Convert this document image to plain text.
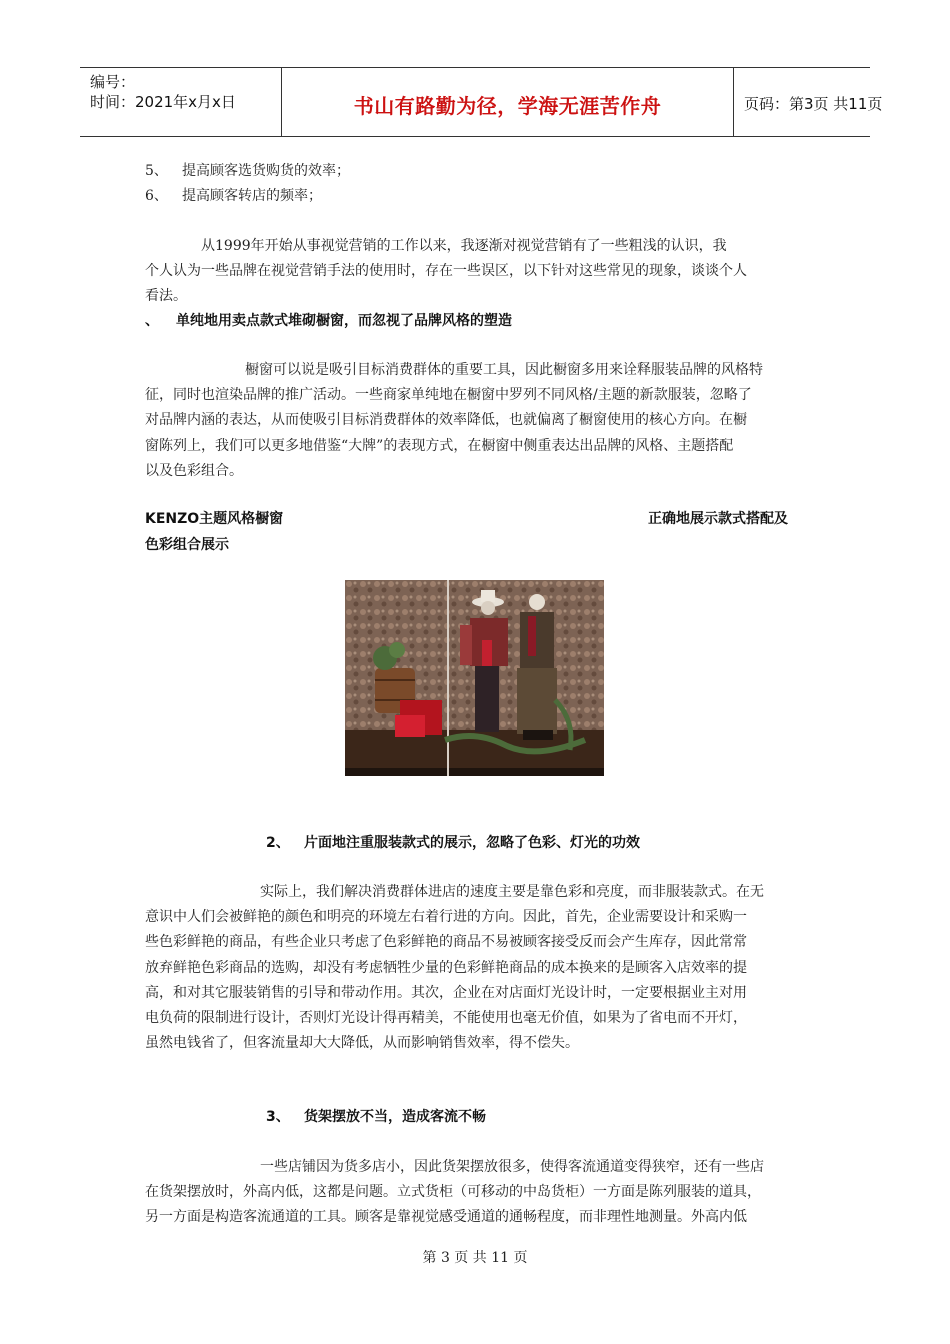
编号：
时间：2021年x月x日	书山有路勤为径，学海无涯苦作舟	页码：第3页 共11页
5、 提高顾客选货购货的效率；
6、 提高顾客转店的频率；
从1999年开始从事视觉营销的工作以来，我逐渐对视觉营销有了一些粗浅的认识，我
个人认为一些品牌在视觉营销手法的使用时，存在一些误区，以下针对这些常见的现象，谈谈个人
看法。
、 单纯地用卖点款式堆砌橱窗，而忽视了品牌风格的塑造
橱窗可以说是吸引目标消费群体的重要工具，因此橱窗多用来诠释服装品牌的风格特
征，同时也渲染品牌的推广活动。一些商家单纯地在橱窗中罗列不同风格/主题的新款服装，忽略了
对品牌内涵的表达，从而使吸引目标消费群体的效率降低，也就偏离了橱窗使用的核心方向。在橱
窗陈列上，我们可以更多地借鉴“大牌”的表现方式，在橱窗中侧重表达出品牌的风格、主题搭配
以及色彩组合。
KENZO主题风格橱窗	正确地展示款式搭配及
色彩组合展示
2、 片面地注重服装款式的展示，忽略了色彩、灯光的功效
实际上，我们解决消费群体进店的速度主要是靠色彩和亮度，而非服装款式。在无
意识中人们会被鲜艳的颜色和明亮的环境左右着行进的方向。因此，首先，企业需要设计和采购一
些色彩鲜艳的商品，有些企业只考虑了色彩鲜艳的商品不易被顾客接受反而会产生库存，因此常常
放弃鲜艳色彩商品的选购，却没有考虑牺牲少量的色彩鲜艳商品的成本换来的是顾客入店效率的提
高，和对其它服装销售的引导和带动作用。其次，企业在对店面灯光设计时，一定要根据业主对用
电负荷的限制进行设计，否则灯光设计得再精美，不能使用也毫无价值，如果为了省电而不开灯，
虽然电钱省了，但客流量却大大降低，从而影响销售效率，得不偿失。
3、 货架摆放不当，造成客流不畅
一些店铺因为货多店小，因此货架摆放很多，使得客流通道变得狭窄，还有一些店
在货架摆放时，外高内低，这都是问题。立式货柜（可移动的中岛货柜）一方面是陈列服装的道具，
另一方面是构造客流通道的工具。顾客是靠视觉感受通道的通畅程度，而非理性地测量。外高内低
第 3 页 共 11 页
